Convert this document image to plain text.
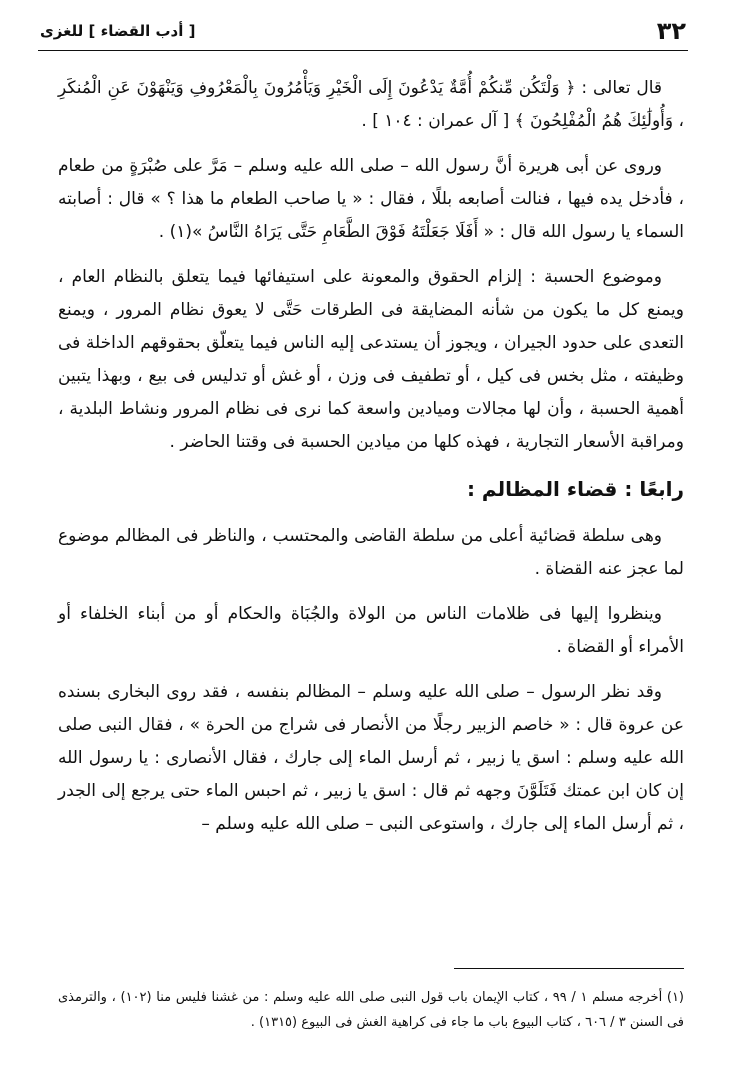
٣٢
[ أدب القضاء ] للغزى

قال تعالى : ﴿ وَلْتَكُن مِّنكُمْ أُمَّةٌ يَدْعُونَ إِلَى الْخَيْرِ وَيَأْمُرُونَ بِالْمَعْرُوفِ وَيَنْهَوْنَ عَنِ الْمُنكَرِ ، وَأُولَٰئِكَ هُمُ الْمُفْلِحُونَ ﴾ [ آل عمران : ١٠٤ ] .

وروى عن أبى هريرة أنَّ رسول الله – صلى الله عليه وسلم – مَرَّ على صُبْرَةٍ من طعام ، فأدخل يده فيها ، فنالت أصابعه بللًا ، فقال : « يا صاحب الطعام ما هذا ؟ » قال : أصابته السماء يا رسول الله قال : « أَفَلَا جَعَلْتَهُ فَوْقَ الطَّعَامِ حَتَّى يَرَاهُ النَّاسُ »(١) .

وموضوع الحسبة : إلزام الحقوق والمعونة على استيفائها فيما يتعلق بالنظام العام ، ويمنع كل ما يكون من شأنه المضايقة فى الطرقات حَتَّى لا يعوق نظام المرور ، ويمنع التعدى على حدود الجيران ، ويجوز أن يستدعى إليه الناس فيما يتعلّق بحقوقهم الداخلة فى وظيفته ، مثل بخس فى كيل ، أو تطفيف فى وزن ، أو غش أو تدليس فى بيع ، وبهذا يتبين أهمية الحسبة ، وأن لها مجالات وميادين واسعة كما نرى فى نظام المرور ونشاط البلدية ، ومراقبة الأسعار التجارية ، فهذه كلها من ميادين الحسبة فى وقتنا الحاضر .

رابعًا : قضاء المظالم :

وهى سلطة قضائية أعلى من سلطة القاضى والمحتسب ، والناظر فى المظالم موضوع لما عجز عنه القضاة .

وينظروا إليها فى ظلامات الناس من الولاة والجُبَاة والحكام أو من أبناء الخلفاء أو الأمراء أو القضاة .

وقد نظر الرسول – صلى الله عليه وسلم – المظالم بنفسه ، فقد روى البخارى بسنده عن عروة قال : « خاصم الزبير رجلًا من الأنصار فى شراج من الحرة » ، فقال النبى صلى الله عليه وسلم : اسق يا زبير ، ثم أرسل الماء إلى جارك ، فقال الأنصارى : يا رسول الله إن كان ابن عمتك فَتَلَوَّنَ وجهه ثم قال : اسق يا زبير ، ثم احبس الماء حتى يرجع إلى الجدر ، ثم أرسل الماء إلى جارك ، واستوعى النبى – صلى الله عليه وسلم –

(١) أخرجه مسلم ١ / ٩٩ ، كتاب الإيمان باب قول النبى صلى الله عليه وسلم : من غشنا فليس منا (١٠٢) ، والترمذى فى السنن ٣ / ٦٠٦ ، كتاب البيوع باب ما جاء فى كراهية الغش فى البيوع (١٣١٥) .
